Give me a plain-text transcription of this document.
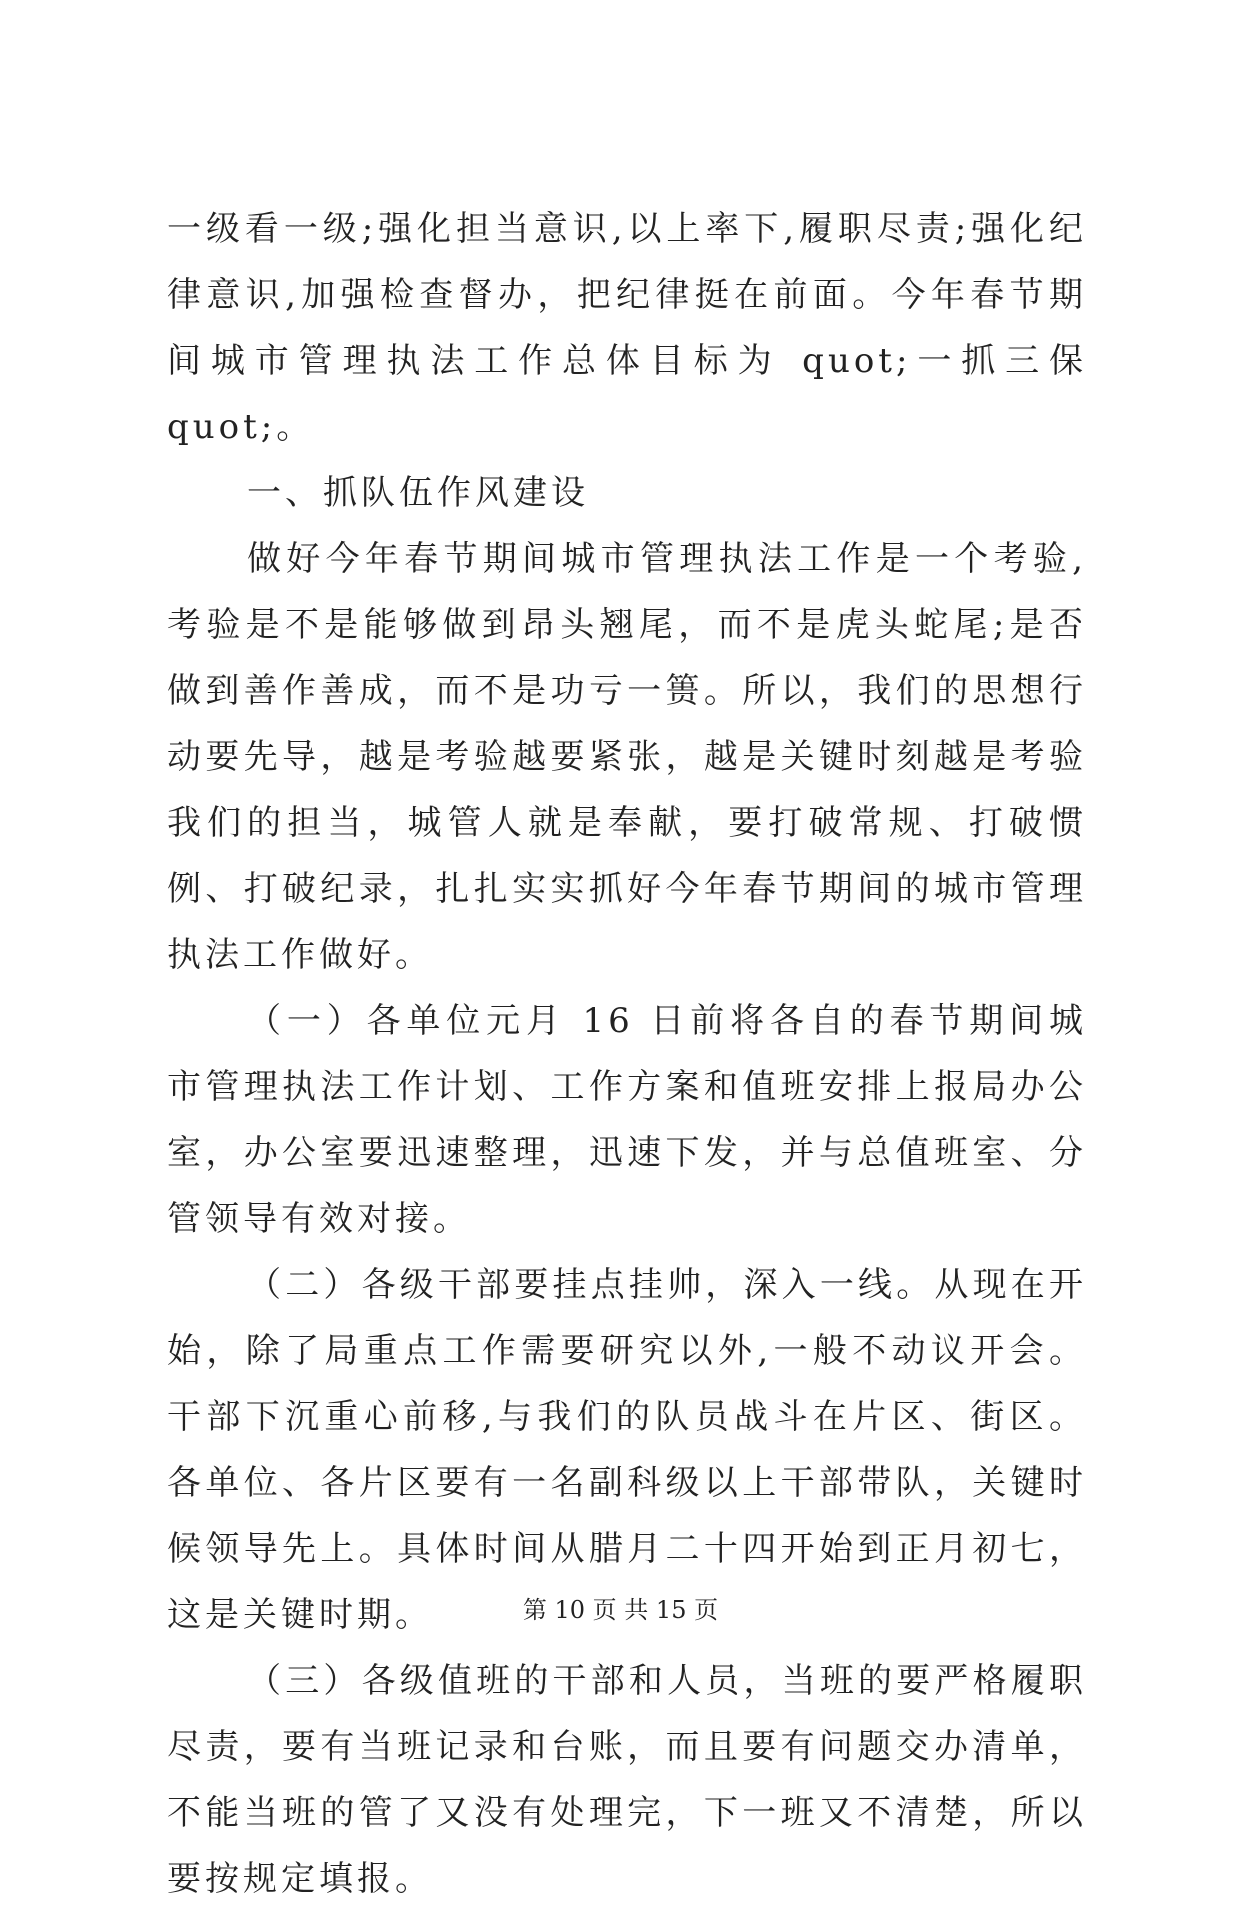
一级看一级;强化担当意识,以上率下,履职尽责;强化纪律意识,加强检查督办，把纪律挺在前面。今年春节期间城市管理执法工作总体目标为 quot;一抓三保 quot;。

一、抓队伍作风建设

做好今年春节期间城市管理执法工作是一个考验,考验是不是能够做到昂头翘尾，而不是虎头蛇尾;是否做到善作善成，而不是功亏一篑。所以，我们的思想行动要先导，越是考验越要紧张，越是关键时刻越是考验我们的担当，城管人就是奉献，要打破常规、打破惯例、打破纪录，扎扎实实抓好今年春节期间的城市管理执法工作做好。

（一）各单位元月 16 日前将各自的春节期间城市管理执法工作计划、工作方案和值班安排上报局办公室，办公室要迅速整理，迅速下发，并与总值班室、分管领导有效对接。

（二）各级干部要挂点挂帅，深入一线。从现在开始，除了局重点工作需要研究以外,一般不动议开会。干部下沉重心前移,与我们的队员战斗在片区、街区。各单位、各片区要有一名副科级以上干部带队，关键时候领导先上。具体时间从腊月二十四开始到正月初七，这是关键时期。

（三）各级值班的干部和人员，当班的要严格履职尽责，要有当班记录和台账，而且要有问题交办清单，不能当班的管了又没有处理完，下一班又不清楚，所以要按规定填报。

第 10 页 共 15 页
